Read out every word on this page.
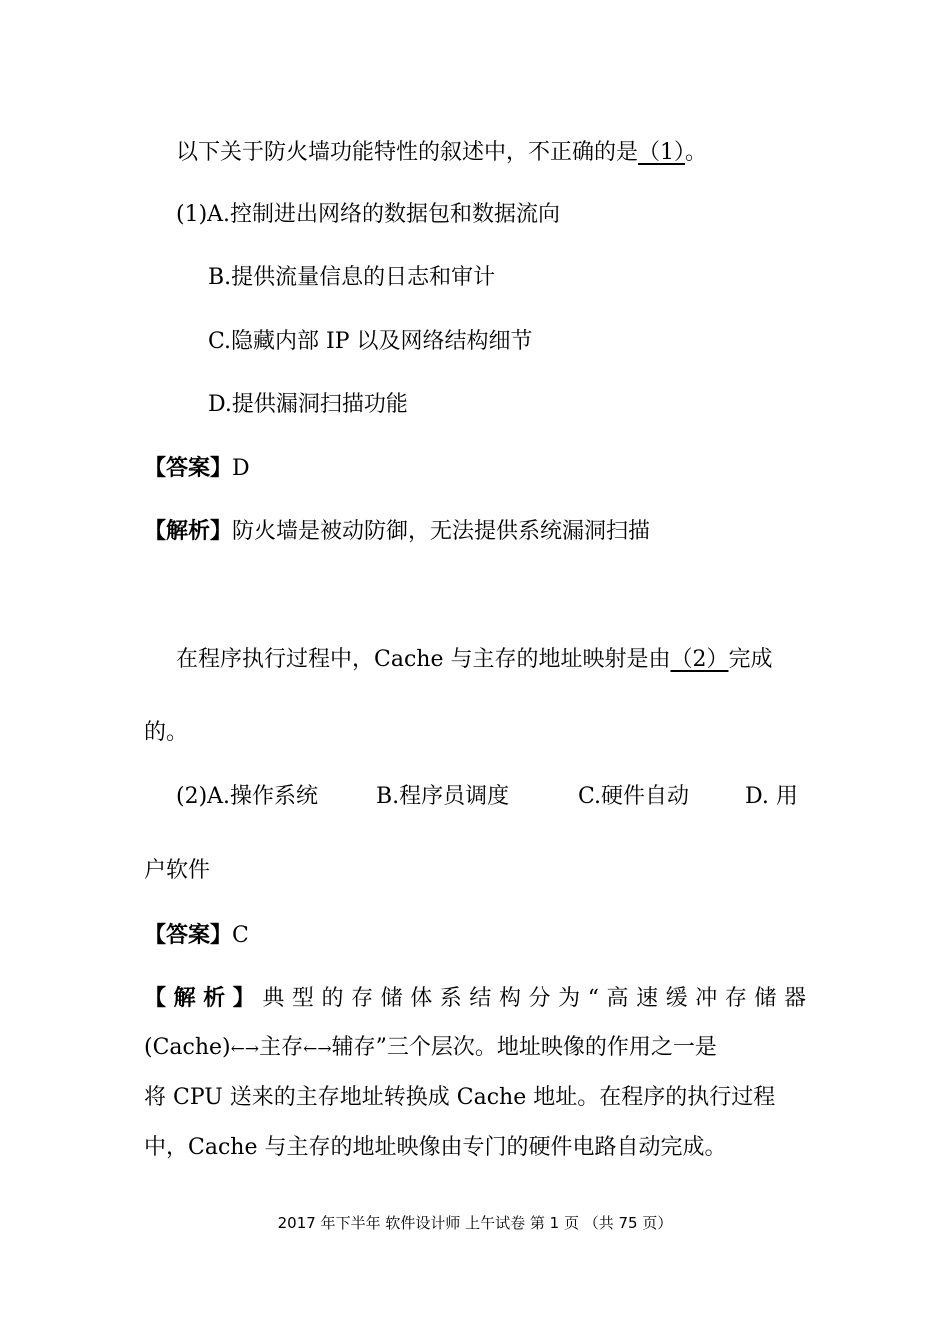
以下关于防火墙功能特性的叙述中，不正确的是（1）。
(1)A.控制进出网络的数据包和数据流向
B.提供流量信息的日志和审计
C.隐藏内部 IP 以及网络结构细节
D.提供漏洞扫描功能
【答案】D
【解析】防火墙是被动防御，无法提供系统漏洞扫描
在程序执行过程中，Cache 与主存的地址映射是由（2）完成
的。
(2)A.操作系统	B.程序员调度	C.硬件自动	D. 用
户软件
【答案】C
【解析】典型的存储体系结构分为“高速缓冲存储器
(Cache)←→主存←→辅存”三个层次。地址映像的作用之一是
将 CPU 送来的主存地址转换成 Cache 地址。在程序的执行过程
中，Cache 与主存的地址映像由专门的硬件电路自动完成。
2017 年下半年 软件设计师 上午试卷 第 1 页 （共 75 页）
